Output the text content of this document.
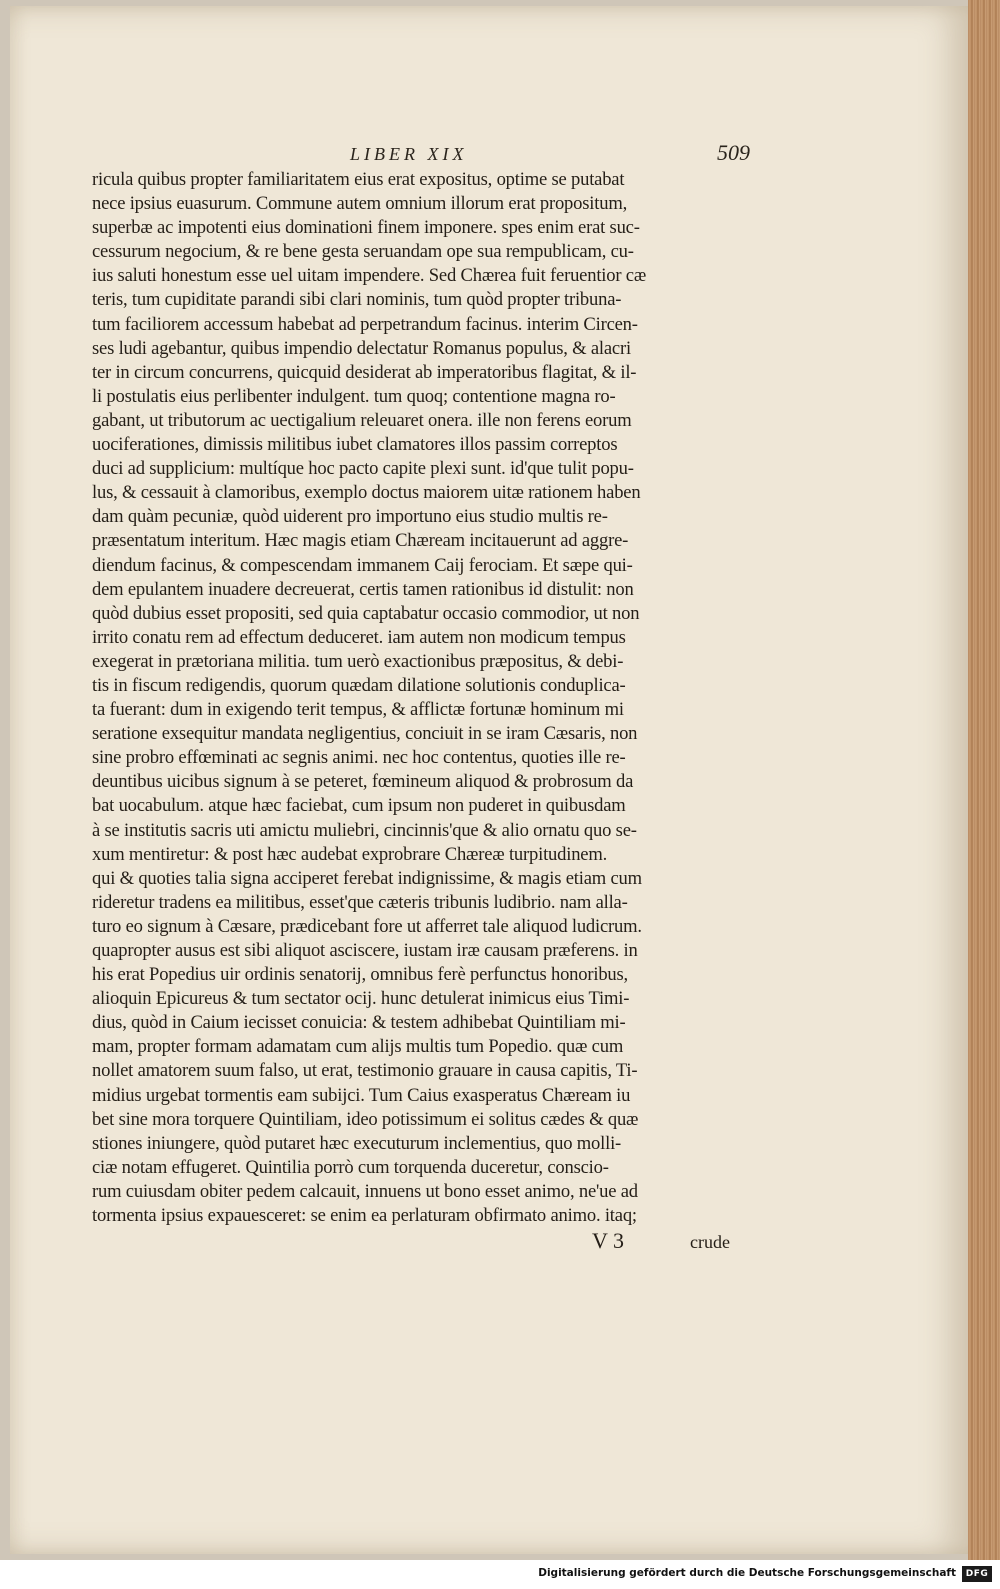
LIBER XIX	509
ricula quibus propter familiaritatem eius erat expositus, optime se putabat
nece ipsius euasurum. Commune autem omnium illorum erat propositum,
superbæ ac impotenti eius dominationi finem imponere. spes enim erat suc-
cessurum negocium, & re bene gesta seruandam ope sua rempublicam, cu-
ius saluti honestum esse uel uitam impendere. Sed Chærea fuit feruentior cæ
teris, tum cupiditate parandi sibi clari nominis, tum quòd propter tribuna-
tum faciliorem accessum habebat ad perpetrandum facinus. interim Circen-
ses ludi agebantur, quibus impendio delectatur Romanus populus, & alacri
ter in circum concurrens, quicquid desiderat ab imperatoribus flagitat, & il-
li postulatis eius perlibenter indulgent. tum quoq; contentione magna ro-
gabant, ut tributorum ac uectigalium releuaret onera. ille non ferens eorum
uociferationes, dimissis militibus iubet clamatores illos passim correptos
duci ad supplicium: multíque hoc pacto capite plexi sunt. id'que tulit popu-
lus, & cessauit à clamoribus, exemplo doctus maiorem uitæ rationem haben
dam quàm pecuniæ, quòd uiderent pro importuno eius studio multis re-
præsentatum interitum. Hæc magis etiam Chæream incitauerunt ad aggre-
diendum facinus, & compescendam immanem Caij ferociam. Et sæpe qui-
dem epulantem inuadere decreuerat, certis tamen rationibus id distulit: non
quòd dubius esset propositi, sed quia captabatur occasio commodior, ut non
irrito conatu rem ad effectum deduceret. iam autem non modicum tempus
exegerat in prætoriana militia. tum uerò exactionibus præpositus, & debi-
tis in fiscum redigendis, quorum quædam dilatione solutionis conduplica-
ta fuerant: dum in exigendo terit tempus, & afflictæ fortunæ hominum mi
seratione exsequitur mandata negligentius, conciuit in se iram Cæsaris, non
sine probro effœminati ac segnis animi. nec hoc contentus, quoties ille re-
deuntibus uicibus signum à se peteret, fœmineum aliquod & probrosum da
bat uocabulum. atque hæc faciebat, cum ipsum non puderet in quibusdam
à se institutis sacris uti amictu muliebri, cincinnis'que & alio ornatu quo se-
xum mentiretur: & post hæc audebat exprobrare Chæreæ turpitudinem.
qui & quoties talia signa acciperet ferebat indignissime, & magis etiam cum
rideretur tradens ea militibus, esset'que cæteris tribunis ludibrio. nam alla-
turo eo signum à Cæsare, prædicebant fore ut afferret tale aliquod ludicrum.
quapropter ausus est sibi aliquot asciscere, iustam iræ causam præferens. in
his erat Popedius uir ordinis senatorij, omnibus ferè perfunctus honoribus,
alioquin Epicureus & tum sectator ocij. hunc detulerat inimicus eius Timi-
dius, quòd in Caium iecisset conuicia: & testem adhibebat Quintiliam mi-
mam, propter formam adamatam cum alijs multis tum Popedio. quæ cum
nollet amatorem suum falso, ut erat, testimonio grauare in causa capitis, Ti-
midius urgebat tormentis eam subijci. Tum Caius exasperatus Chæream iu
bet sine mora torquere Quintiliam, ideo potissimum ei solitus cædes & quæ
stiones iniungere, quòd putaret hæc executurum inclementius, quo molli-
ciæ notam effugeret. Quintilia porrò cum torquenda duceretur, conscio-
rum cuiusdam obiter pedem calcauit, innuens ut bono esset animo, ne'ue ad
tormenta ipsius expauesceret: se enim ea perlaturam obfirmato animo. itaq;
V 3	crude
Digitalisierung gefördert durch die Deutsche Forschungsgemeinschaft	DFG
